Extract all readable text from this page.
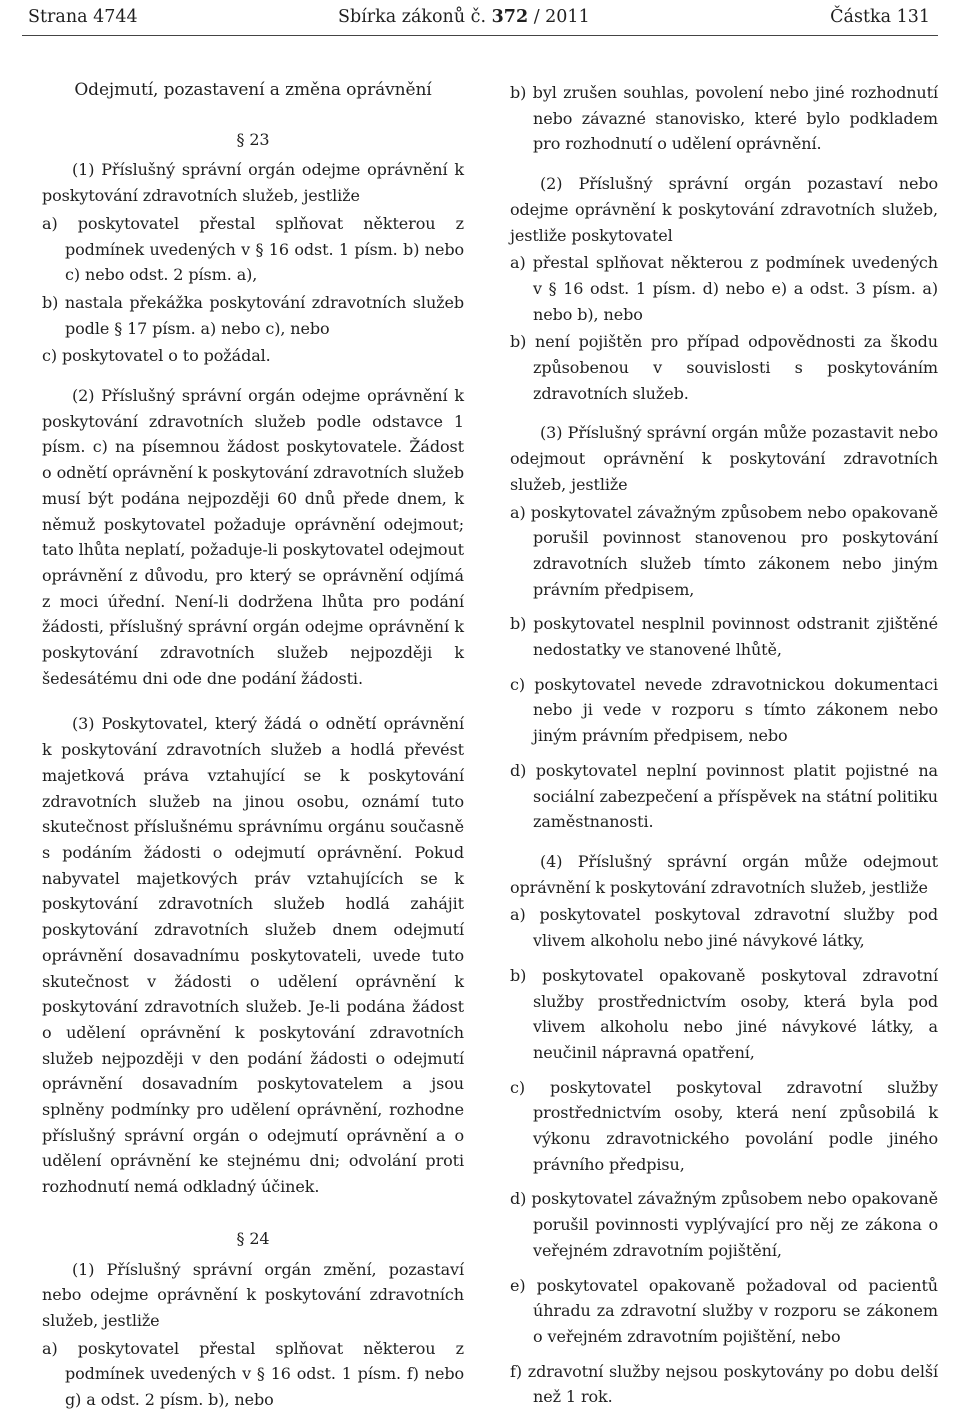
Strana 4744	Sbírka zákonů č. 372 / 2011	Částka 131

Odejmutí, pozastavení a změna oprávnění

§ 23

(1) Příslušný správní orgán odejme oprávnění k poskytování zdravotních služeb, jestliže

a) poskytovatel přestal splňovat některou z podmínek uvedených v § 16 odst. 1 písm. b) nebo c) nebo odst. 2 písm. a),

b) nastala překážka poskytování zdravotních služeb podle § 17 písm. a) nebo c), nebo

c) poskytovatel o to požádal.

(2) Příslušný správní orgán odejme oprávnění k poskytování zdravotních služeb podle odstavce 1 písm. c) na písemnou žádost poskytovatele. Žádost o odnětí oprávnění k poskytování zdravotních služeb musí být podána nejpozději 60 dnů přede dnem, k němuž poskytovatel požaduje oprávnění odejmout; tato lhůta neplatí, požaduje-li poskytovatel odejmout oprávnění z důvodu, pro který se oprávnění odjímá z moci úřední. Není-li dodržena lhůta pro podání žádosti, příslušný správní orgán odejme oprávnění k poskytování zdravotních služeb nejpozději k šedesátému dni ode dne podání žádosti.

(3) Poskytovatel, který žádá o odnětí oprávnění k poskytování zdravotních služeb a hodlá převést majetková práva vztahující se k poskytování zdravotních služeb na jinou osobu, oznámí tuto skutečnost příslušnému správnímu orgánu současně s podáním žádosti o odejmutí oprávnění. Pokud nabyvatel majetkových práv vztahujících se k poskytování zdravotních služeb hodlá zahájit poskytování zdravotních služeb dnem odejmutí oprávnění dosavadnímu poskytovateli, uvede tuto skutečnost v žádosti o udělení oprávnění k poskytování zdravotních služeb. Je-li podána žádost o udělení oprávnění k poskytování zdravotních služeb nejpozději v den podání žádosti o odejmutí oprávnění dosavadním poskytovatelem a jsou splněny podmínky pro udělení oprávnění, rozhodne příslušný správní orgán o odejmutí oprávnění a o udělení oprávnění ke stejnému dni; odvolání proti rozhodnutí nemá odkladný účinek.

§ 24

(1) Příslušný správní orgán změní, pozastaví nebo odejme oprávnění k poskytování zdravotních služeb, jestliže

a) poskytovatel přestal splňovat některou z podmínek uvedených v § 16 odst. 1 písm. f) nebo g) a odst. 2 písm. b), nebo

b) byl zrušen souhlas, povolení nebo jiné rozhodnutí nebo závazné stanovisko, které bylo podkladem pro rozhodnutí o udělení oprávnění.

(2) Příslušný správní orgán pozastaví nebo odejme oprávnění k poskytování zdravotních služeb, jestliže poskytovatel

a) přestal splňovat některou z podmínek uvedených v § 16 odst. 1 písm. d) nebo e) a odst. 3 písm. a) nebo b), nebo

b) není pojištěn pro případ odpovědnosti za škodu způsobenou v souvislosti s poskytováním zdravotních služeb.

(3) Příslušný správní orgán může pozastavit nebo odejmout oprávnění k poskytování zdravotních služeb, jestliže

a) poskytovatel závažným způsobem nebo opakovaně porušil povinnost stanovenou pro poskytování zdravotních služeb tímto zákonem nebo jiným právním předpisem,

b) poskytovatel nesplnil povinnost odstranit zjištěné nedostatky ve stanovené lhůtě,

c) poskytovatel nevede zdravotnickou dokumentaci nebo ji vede v rozporu s tímto zákonem nebo jiným právním předpisem, nebo

d) poskytovatel neplní povinnost platit pojistné na sociální zabezpečení a příspěvek na státní politiku zaměstnanosti.

(4) Příslušný správní orgán může odejmout oprávnění k poskytování zdravotních služeb, jestliže

a) poskytovatel poskytoval zdravotní služby pod vlivem alkoholu nebo jiné návykové látky,

b) poskytovatel opakovaně poskytoval zdravotní služby prostřednictvím osoby, která byla pod vlivem alkoholu nebo jiné návykové látky, a neučinil nápravná opatření,

c) poskytovatel poskytoval zdravotní služby prostřednictvím osoby, která není způsobilá k výkonu zdravotnického povolání podle jiného právního předpisu,

d) poskytovatel závažným způsobem nebo opakovaně porušil povinnosti vyplývající pro něj ze zákona o veřejném zdravotním pojištění,

e) poskytovatel opakovaně požadoval od pacientů úhradu za zdravotní služby v rozporu se zákonem o veřejném zdravotním pojištění, nebo

f) zdravotní služby nejsou poskytovány po dobu delší než 1 rok.
